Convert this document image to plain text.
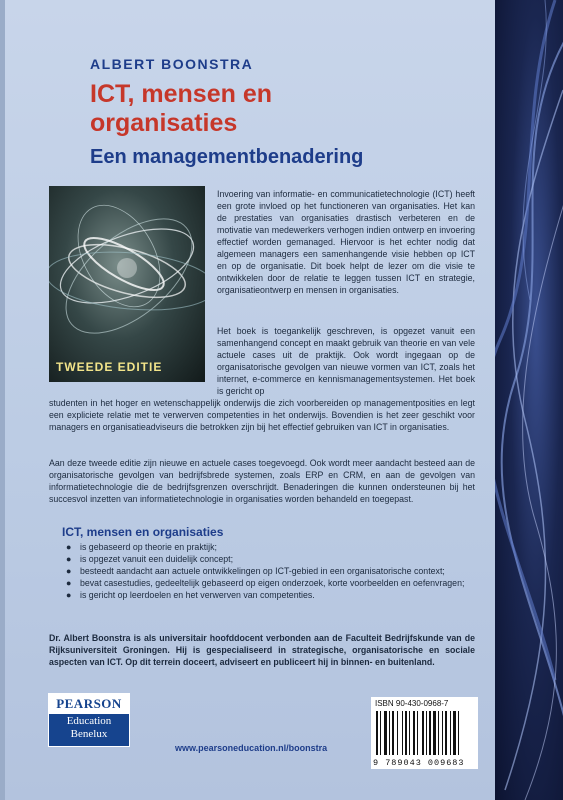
ALBERT BOONSTRA
ICT, mensen en
organisaties
Een managementbenadering
TWEEDE EDITIE
Invoering van informatie- en communicatietechnologie (ICT) heeft een grote invloed op het functioneren van organisaties. Het kan de prestaties van organisaties drastisch verbeteren en de motivatie van medewerkers verhogen indien ontwerp en invoering effectief worden gemanaged. Hiervoor is het echter nodig dat algemeen managers een samenhangende visie hebben op ICT en op de organisatie. Dit boek helpt de lezer om die visie te ontwikkelen door de relatie te leggen tussen ICT en strategie, organisatieontwerp en mensen in organisaties.
Het boek is toegankelijk geschreven, is opgezet vanuit een samenhangend concept en maakt gebruik van theorie en van vele actuele cases uit de praktijk. Ook wordt ingegaan op de organisatorische gevolgen van nieuwe vormen van ICT, zoals het internet, e-commerce en kennismanagementsystemen. Het boek is gericht op
studenten in het hoger en wetenschappelijk onderwijs die zich voorbereiden op managementposities en legt een expliciete relatie met te verwerven competenties in het onderwijs. Bovendien is het zeer geschikt voor managers en organisatieadviseurs die betrokken zijn bij het effectief gebruiken van ICT in organisaties.
Aan deze tweede editie zijn nieuwe en actuele cases toegevoegd. Ook wordt meer aandacht besteed aan de organisatorische gevolgen van bedrijfsbrede systemen, zoals ERP en CRM, en aan de gevolgen van informatietechnologie die de bedrijfsgrenzen overschrijdt. Benaderingen die kunnen ondersteunen bij het succesvol inzetten van informatietechnologie in organisaties worden behandeld en toegepast.
ICT, mensen en organisaties
● is gebaseerd op theorie en praktijk;
● is opgezet vanuit een duidelijk concept;
● besteedt aandacht aan actuele ontwikkelingen op ICT-gebied in een organisatorische context;
● bevat casestudies, gedeeltelijk gebaseerd op eigen onderzoek, korte voorbeelden en oefenvragen;
● is gericht op leerdoelen en het verwerven van competenties.
Dr. Albert Boonstra is als universitair hoofddocent verbonden aan de Faculteit Bedrijfskunde van de Rijksuniversiteit Groningen. Hij is gespecialiseerd in strategische, organisatorische en sociale aspecten van ICT. Op dit terrein doceert, adviseert en publiceert hij in binnen- en buitenland.
PEARSON
Education
Benelux
ISBN 90-430-0968-7
9 789043 009683
www.pearsoneducation.nl/boonstra
